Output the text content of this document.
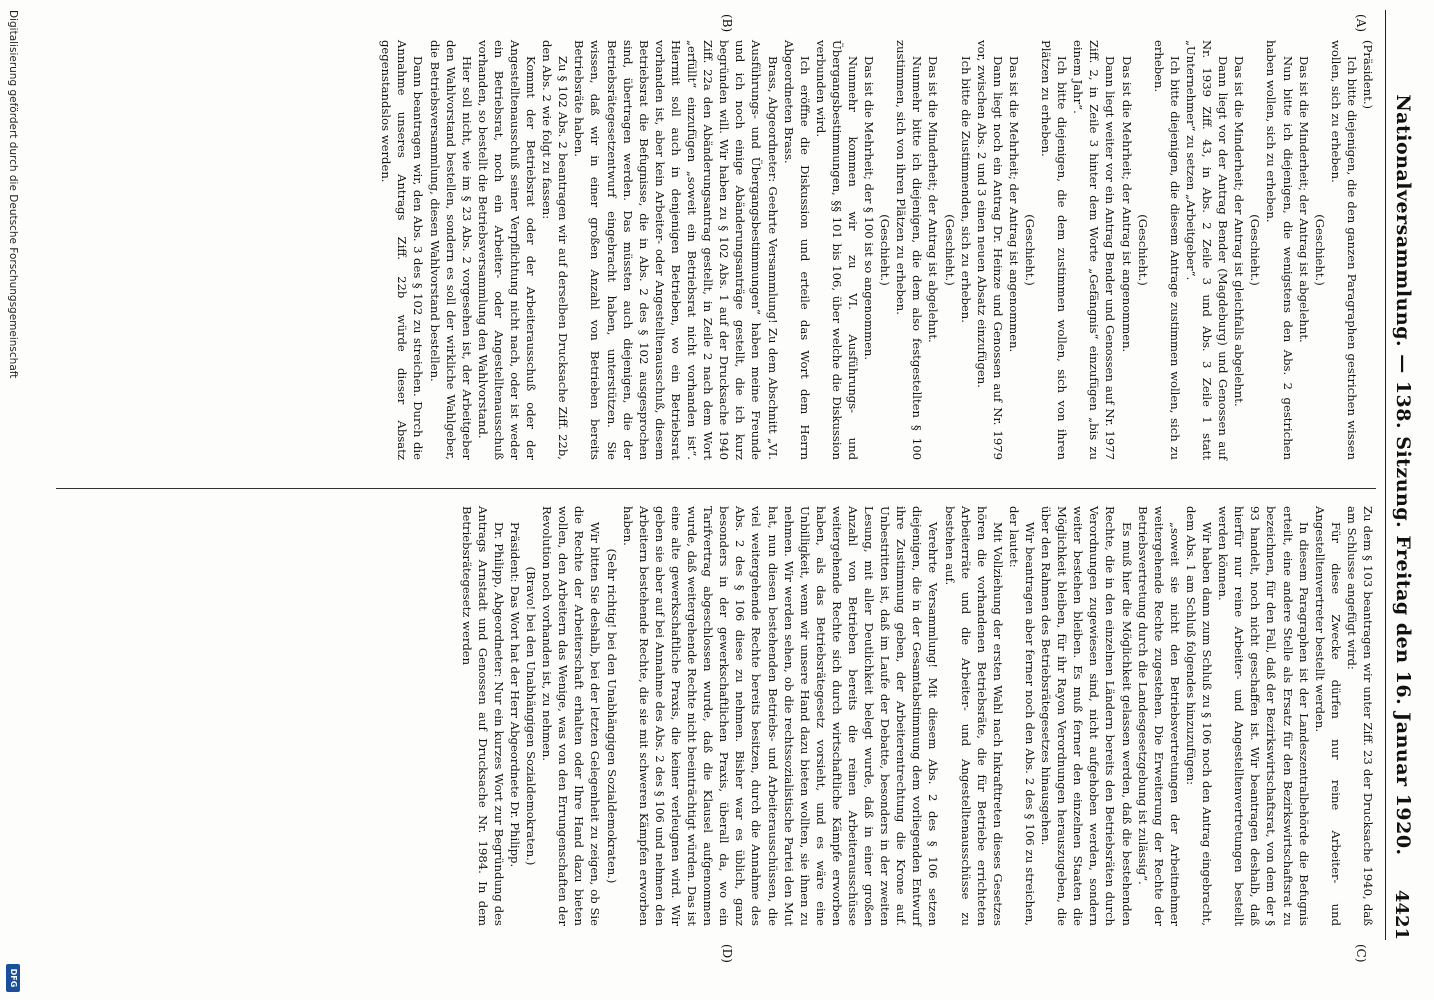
Nationalversammlung. — 138. Sitzung. Freitag den 16. Januar 1920.
4421
(A)
(B)
(C)
(D)

(Präsident.)

Ich bitte diejenigen, die den ganzen Paragraphen gestrichen wissen wollen, sich zu erheben.

(Geschieht.)

Das ist die Minderheit; der Antrag ist abgelehnt.

Nun bitte ich diejenigen, die wenigstens den Abs. 2 gestrichen haben wollen, sich zu erheben.

(Geschieht.)

Das ist die Minderheit; der Antrag ist gleichfalls abgelehnt.

Dann liegt vor der Antrag Bender (Magdeburg) und Genossen auf Nr. 1939 Ziff. 43, in Abs. 2 Zeile 3 und Abs. 3 Zeile 1 statt „Unternehmer“ zu setzen „Arbeitgeber“.

Ich bitte diejenigen, die diesem Antrage zustimmen wollen, sich zu erheben.

(Geschieht.)

Das ist die Mehrheit; der Antrag ist angenommen.

Dann liegt weiter vor ein Antrag Bender und Genossen auf Nr. 1977 Ziff. 2, in Zeile 3 hinter dem Worte „Gefängnis“ einzufügen „bis zu einem Jahr“.

Ich bitte diejenigen, die dem zustimmen wollen, sich von ihren Plätzen zu erheben.

(Geschieht.)

Das ist die Mehrheit; der Antrag ist angenommen.

Dann liegt noch ein Antrag Dr. Heinze und Genossen auf Nr. 1979 vor, zwischen Abs. 2 und 3 einen neuen Absatz einzufügen.

Ich bitte die Zustimmenden, sich zu erheben.

(Geschieht.)

Das ist die Minderheit; der Antrag ist abgelehnt.

Nunmehr bitte ich diejenigen, die dem also festgestellten § 100 zustimmen, sich von ihren Plätzen zu erheben.

(Geschieht.)

Das ist die Mehrheit; der § 100 ist so angenommen.

Nunmehr kommen wir zu VI. Ausführungs- und Übergangsbestimmungen, §§ 101 bis 106, über welche die Diskussion verbunden wird.

Ich eröffne die Diskussion und erteile das Wort dem Herrn Abgeordneten Brass.

Brass, Abgeordneter: Geehrte Versammlung! Zu dem Abschnitt „VI. Ausführungs- und Übergangsbestimmungen“ haben meine Freunde und ich noch einige Abänderungsanträge gestellt, die ich kurz begründen will. Wir haben zu § 102 Abs. 1 auf der Drucksache 1940 Ziff. 22a den Abänderungsantrag gestellt, in Zeile 2 nach dem Wort „erfüllt“ einzufügen „soweit ein Betriebsrat nicht vorhanden ist“. Hiermit soll auch in denjenigen Betrieben, wo ein Betriebsrat vorhanden ist, aber kein Arbeiter- oder Angestelltenausschuß, diesem Betriebsrat die Befugnisse, die in Abs. 2 des § 102 ausgesprochen sind, übertragen werden. Das müssten auch diejenigen, die der Betriebsrätegesetzentwurf eingebracht haben, unterstützen. Sie wissen, daß wir in einer großen Anzahl von Betrieben bereits Betriebsräte haben.

Zu § 102 Abs. 2 beantragen wir auf derselben Drucksache Ziff. 22b, den Abs. 2 wie folgt zu fassen:

Kommt der Betriebsrat oder der Arbeiterausschuß oder der Angestelltenausschuß seiner Verpflichtung nicht nach, oder ist weder ein Betriebsrat, noch ein Arbeiter- oder Angestelltenausschuß vorhanden, so bestellt die Betriebsversammlung den Wahlvorstand.

Hier soll nicht, wie im § 23 Abs. 2 vorgesehen ist, der Arbeitgeber den Wahlvorstand bestellen, sondern es soll der wirkliche Wahlgeber, die Betriebsversammlung, diesen Wahlvorstand bestellen.

Dann beantragen wir, den Abs. 3 des § 102 zu streichen. Durch die Annahme unseres Antrags Ziff. 22b würde dieser Absatz gegenstandslos werden.

Zu dem § 103 beantragen wir unter Ziff. 23 der Drucksache 1940, daß am Schlusse angefügt wird:

Für diese Zwecke dürfen nur reine Arbeiter- und Angestelltenvertreter bestellt werden.

In diesem Paragraphen ist der Landeszentralbehörde die Befugnis erteilt, eine andere Stelle als Ersatz für den Bezirkswirtschaftsrat zu bezeichnen, für den Fall, daß der Bezirkswirtschaftsrat, von dem der § 93 handelt, noch nicht geschaffen ist. Wir beantragen deshalb, daß hierfür nur reine Arbeiter- und Angestelltenvertretungen bestellt werden können.

Wir haben dann zum Schluß zu § 106 noch den Antrag eingebracht, dem Abs. 1 am Schluß folgendes hinzuzufügen:

„soweit sie nicht den Betriebsvertretungen der Arbeitnehmer weitergehende Rechte zugestehen. Die Erweiterung der Rechte der Betriebsvertretung durch die Landesgesetzgebung ist zulässig“.

Es muß hier die Möglichkeit gelassen werden, daß die bestehenden Rechte, die in den einzelnen Ländern bereits den Betriebsräten durch Verordnungen zugewiesen sind, nicht aufgehoben werden, sondern weiter bestehen bleiben. Es muß ferner den einzelnen Staaten die Möglichkeit bleiben, für ihr Rayon Verordnungen herauszugeben, die über den Rahmen des Betriebsrätegesetzes hinausgehen.

Wir beantragen aber ferner noch den Abs. 2 des § 106 zu streichen, der lautet:

Mit Vollziehung der ersten Wahl nach Inkrafttreten dieses Gesetzes hören die vorhandenen Betriebsräte, die für Betriebe errichteten Arbeiterräte und die Arbeiter- und Angestelltenausschüsse zu bestehen auf.

Verehrte Versammlung! Mit diesem Abs. 2 des § 106 setzen diejenigen, die in der Gesamtabstimmung dem vorliegenden Entwurf ihre Zustimmung geben, der Arbeiterentrechtung die Krone auf. Unbestritten ist, daß im Laufe der Debatte, besonders in der zweiten Lesung, mit aller Deutlichkeit belegt wurde, daß in einer großen Anzahl von Betrieben bereits die reinen Arbeiterausschüsse weitergehende Rechte sich durch wirtschaftliche Kämpfe erworben haben, als das Betriebsrätegesetz vorsieht, und es wäre eine Unbilligkeit, wenn wir unsere Hand dazu bieten wollten, sie ihnen zu nehmen. Wir werden sehen, ob die rechtssozialistische Partei den Mut hat, nun diesen bestehenden Betriebs- und Arbeiterausschüssen, die viel weitergehende Rechte bereits besitzen, durch die Annahme des Abs. 2 des § 106 diese zu nehmen. Bisher war es üblich, ganz besonders in der gewerkschaftlichen Praxis, überall da, wo ein Tarifvertrag abgeschlossen wurde, daß die Klausel aufgenommen wurde, daß weitergehende Rechte nicht beeinträchtigt würden. Das ist eine alte gewerkschaftliche Praxis, die keiner verleugnen wird. Wir geben sie aber auf bei Annahme des Abs. 2 des § 106 und nehmen den Arbeitern bestehende Rechte, die sie mit schweren Kämpfen erworben haben.

(Sehr richtig! bei den Unabhängigen Sozialdemokraten.)

Wir bitten Sie deshalb, bei der letzten Gelegenheit zu zeigen, ob Sie die Rechte der Arbeiterschaft erhalten oder Ihre Hand dazu bieten wollen, den Arbeitern das Wenige, was von den Errungenschaften der Revolution noch vorhanden ist, zu nehmen.

(Bravo! bei den Unabhängigen Sozialdemokraten.)

Präsident: Das Wort hat der Herr Abgeordnete Dr. Philipp.

Dr. Philipp, Abgeordneter: Nur ein kurzes Wort zur Begründung des Antrags Arnstadt und Genossen auf Drucksache Nr. 1984. In dem Betriebsrätegesetz werden

Digitalisierung gefördert durch die Deutsche Forschungsgemeinschaft
DFG
